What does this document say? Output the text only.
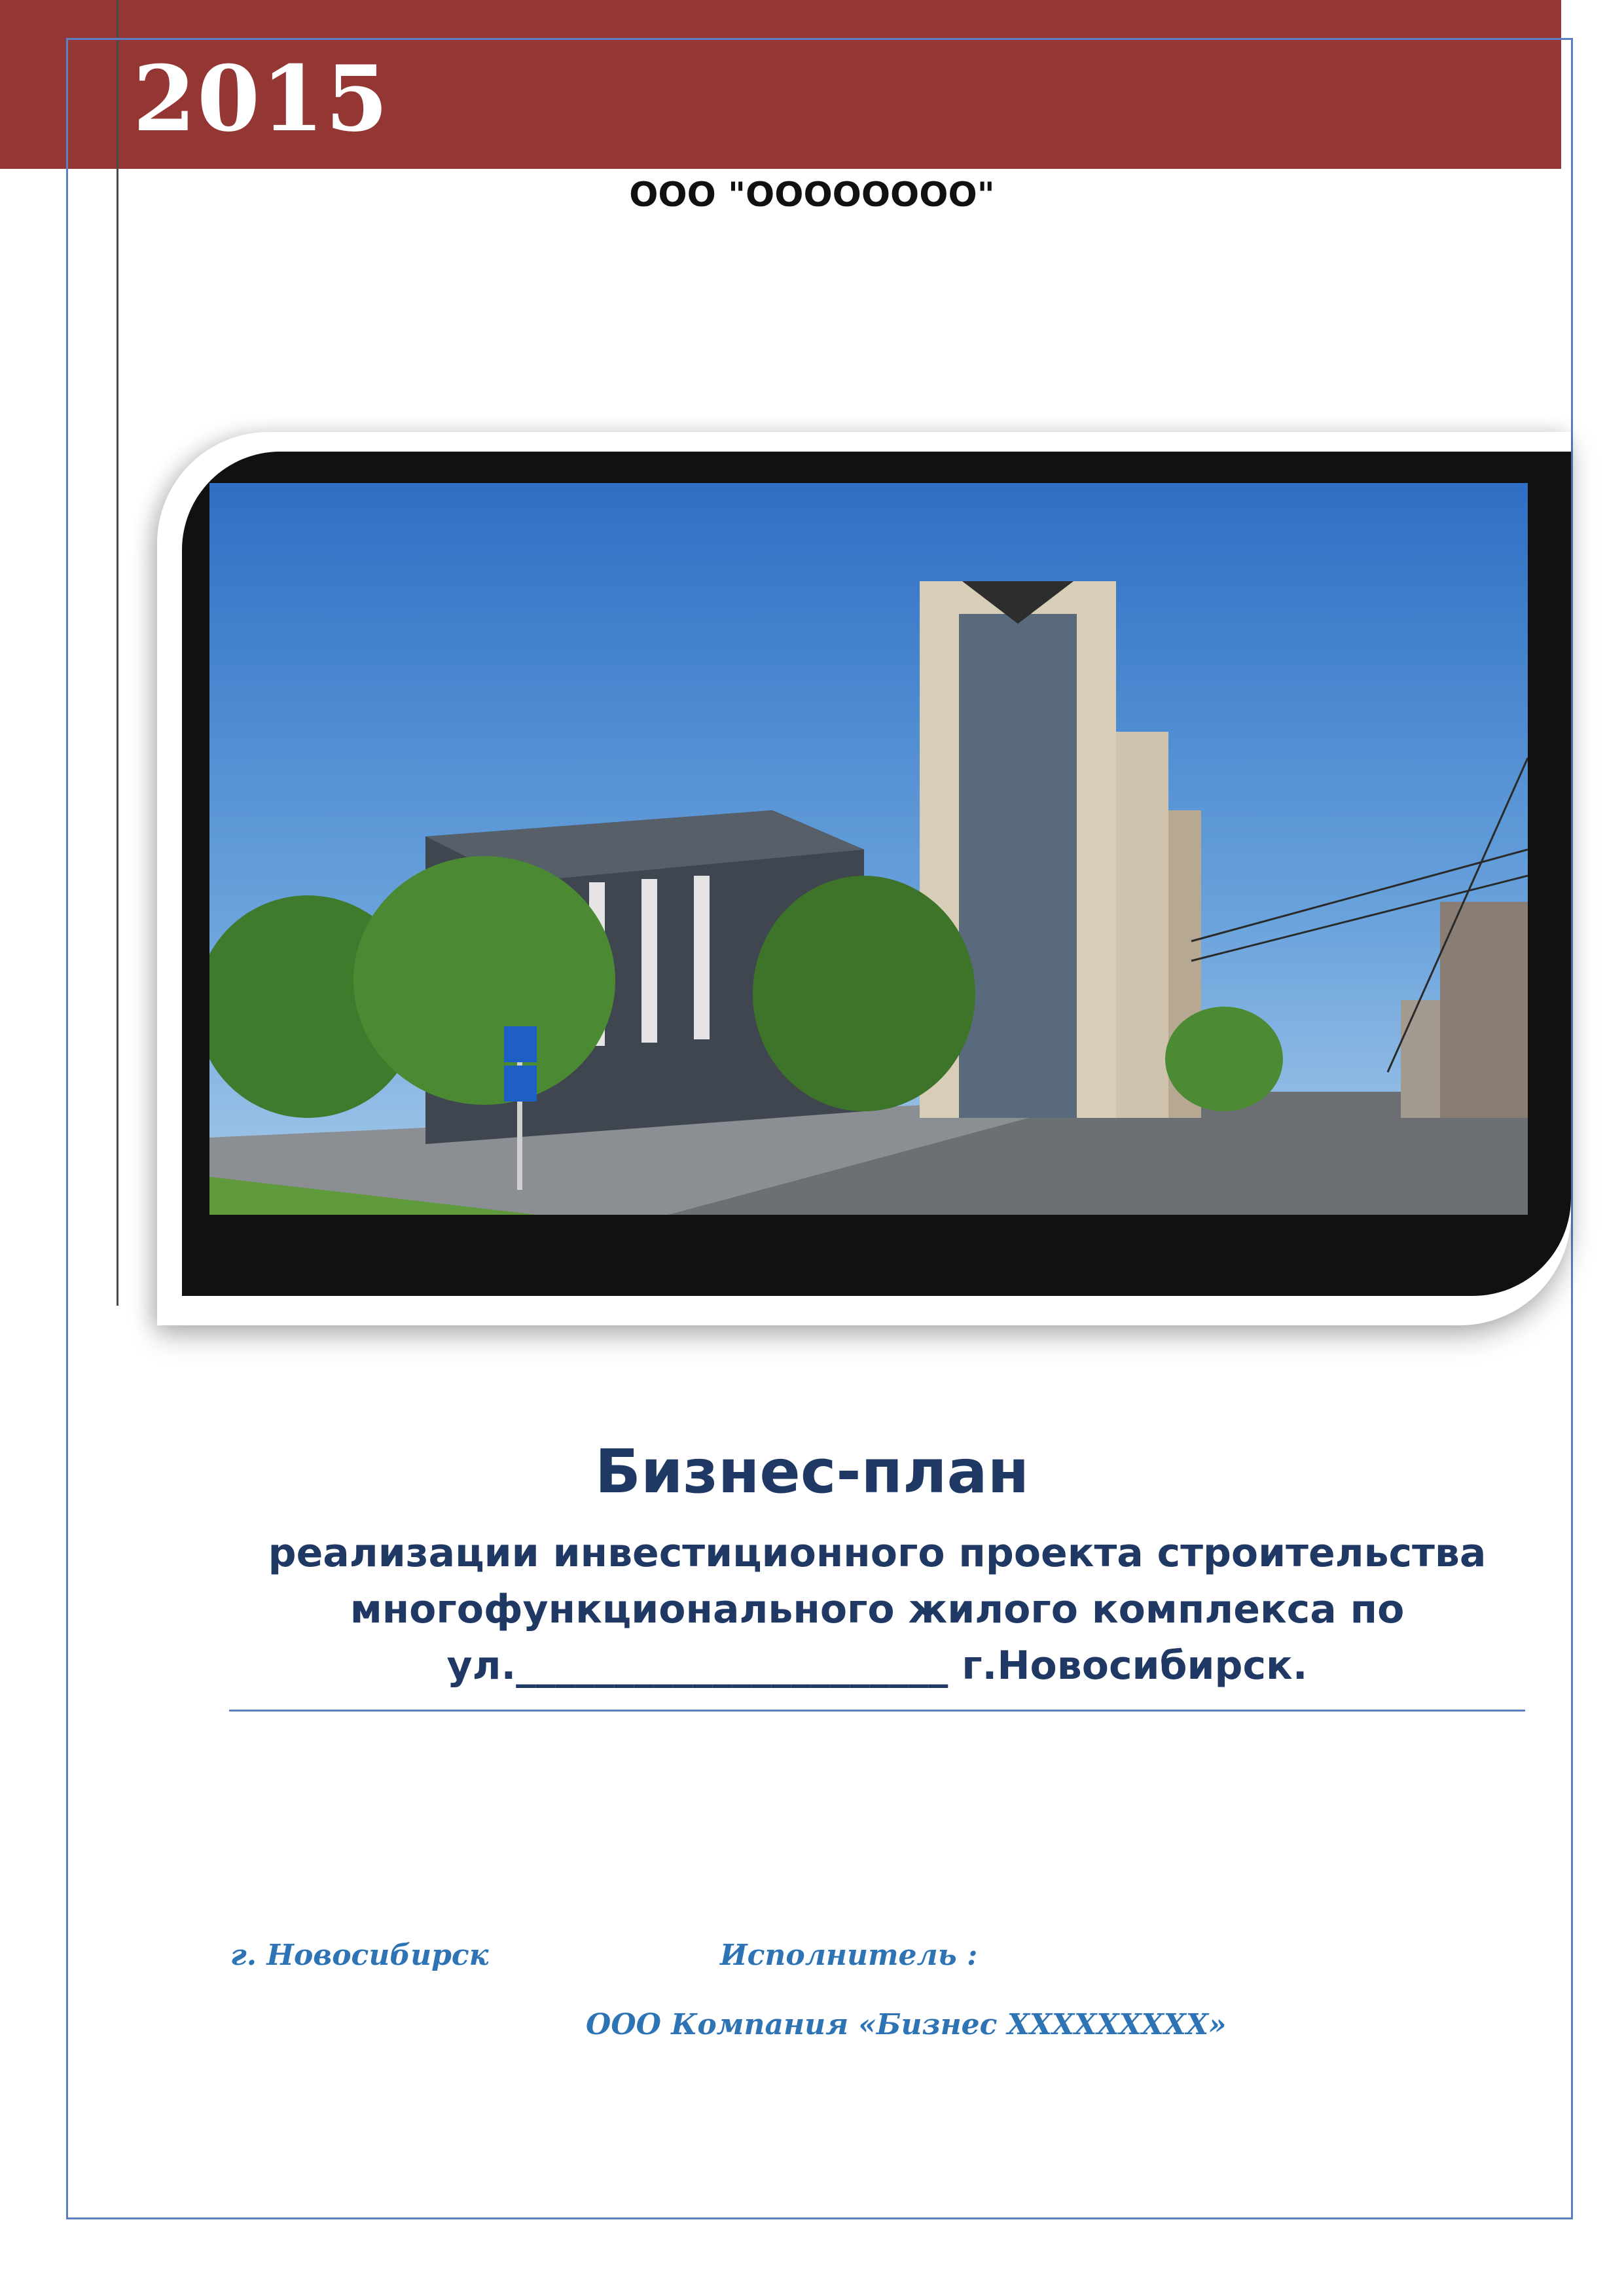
2015
ООО "ОООООООО"
Бизнес-план
реализации инвестиционного проекта строительства
многофункционального жилого комплекса по
ул.______________________ г.Новосибирск.
г. Новосибирск	Исполнитель :
ООО Компания «Бизнес ХХХХХХХХХ»
